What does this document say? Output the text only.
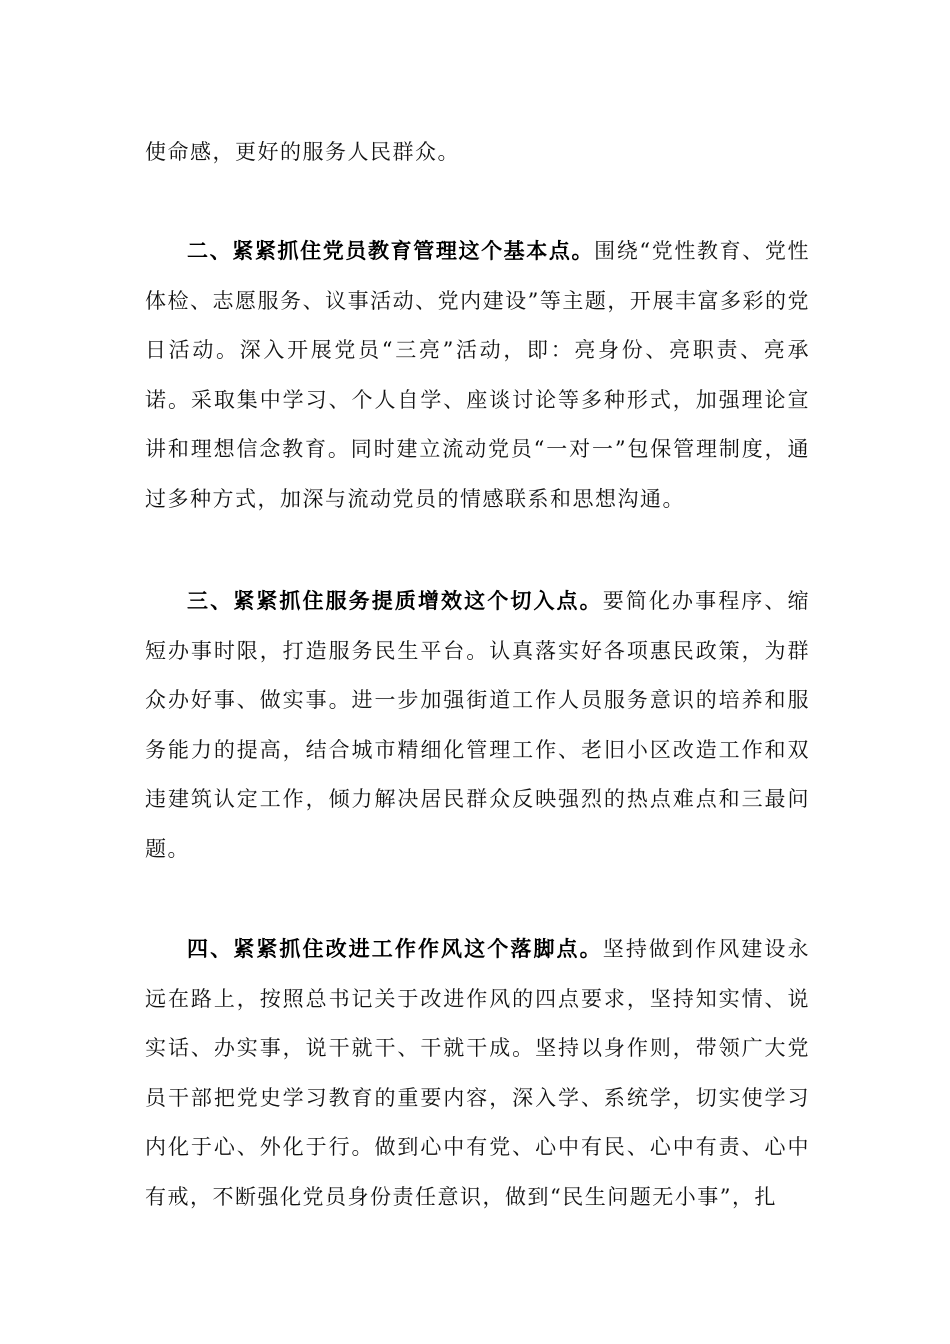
使命感，更好的服务人民群众。
二、紧紧抓住党员教育管理这个基本点。围绕“党性教育、党性体检、志愿服务、议事活动、党内建设”等主题，开展丰富多彩的党日活动。深入开展党员“三亮”活动，即：亮身份、亮职责、亮承诺。采取集中学习、个人自学、座谈讨论等多种形式，加强理论宣讲和理想信念教育。同时建立流动党员“一对一”包保管理制度，通过多种方式，加深与流动党员的情感联系和思想沟通。
三、紧紧抓住服务提质增效这个切入点。要简化办事程序、缩短办事时限，打造服务民生平台。认真落实好各项惠民政策，为群众办好事、做实事。进一步加强街道工作人员服务意识的培养和服务能力的提高，结合城市精细化管理工作、老旧小区改造工作和双违建筑认定工作，倾力解决居民群众反映强烈的热点难点和三最问题。
四、紧紧抓住改进工作作风这个落脚点。坚持做到作风建设永远在路上，按照总书记关于改进作风的四点要求，坚持知实情、说实话、办实事，说干就干、干就干成。坚持以身作则，带领广大党员干部把党史学习教育的重要内容，深入学、系统学，切实使学习内化于心、外化于行。做到心中有党、心中有民、心中有责、心中有戒，不断强化党员身份责任意识，做到“民生问题无小事”，扎
